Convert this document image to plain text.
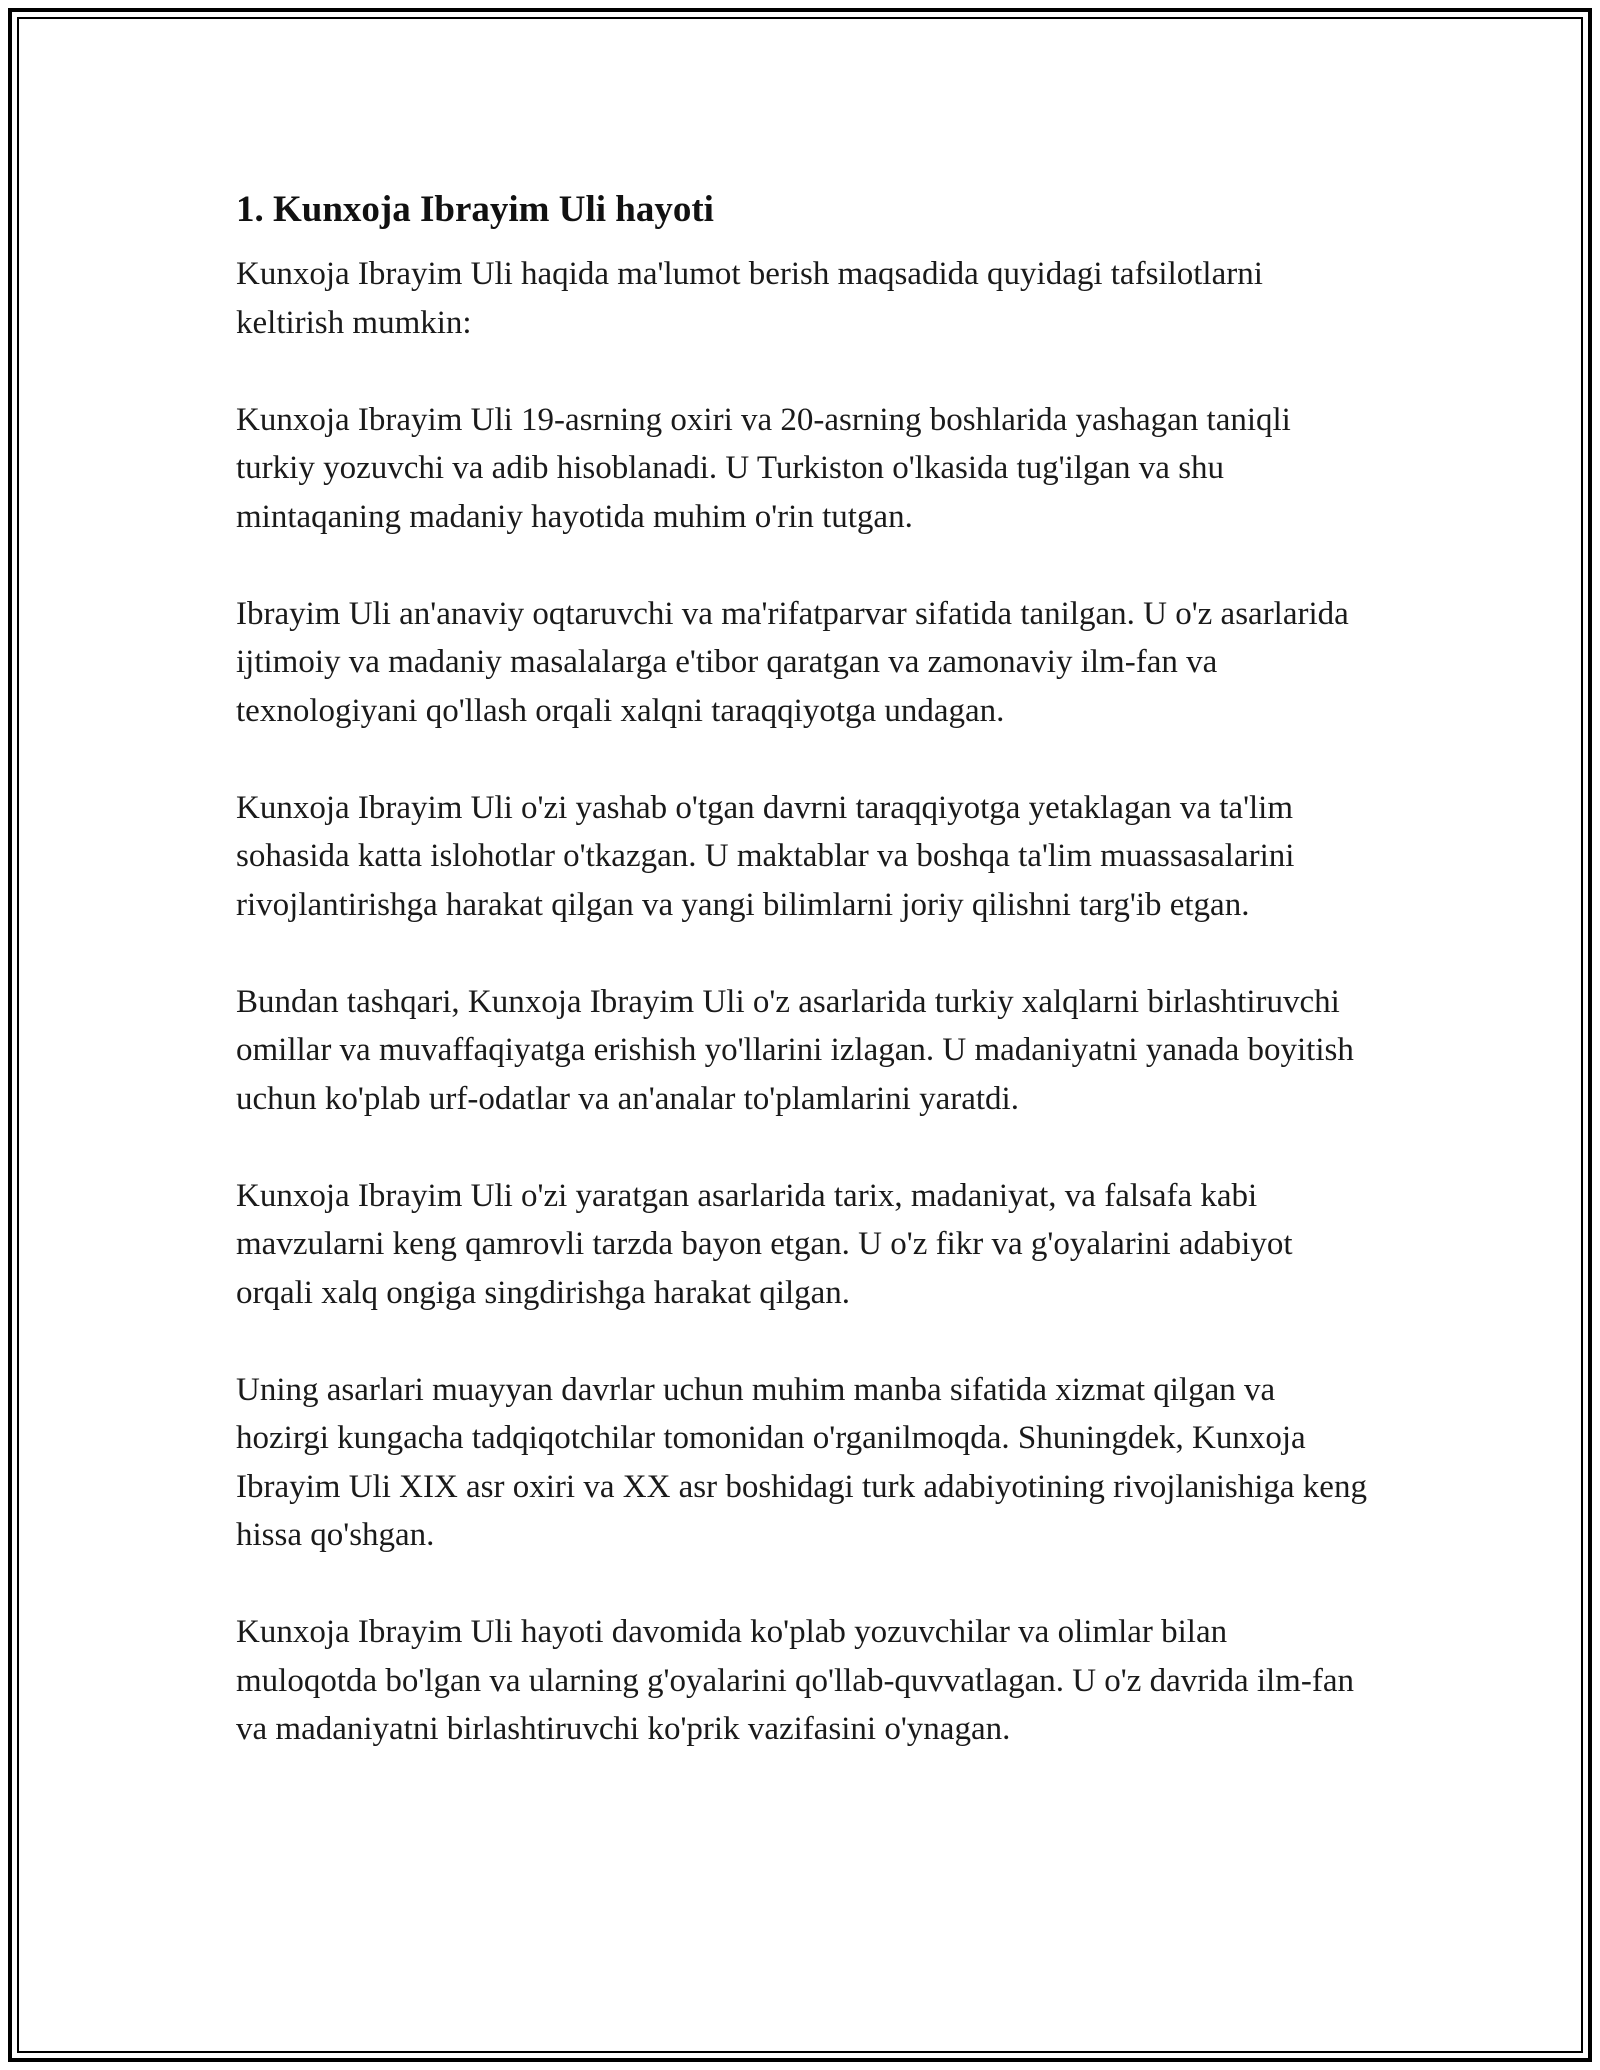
1. Kunxoja Ibrayim Uli hayoti

Kunxoja Ibrayim Uli haqida ma'lumot berish maqsadida quyidagi tafsilotlarni keltirish mumkin:

Kunxoja Ibrayim Uli 19-asrning oxiri va 20-asrning boshlarida yashagan taniqli turkiy yozuvchi va adib hisoblanadi. U Turkiston o'lkasida tug'ilgan va shu mintaqaning madaniy hayotida muhim o'rin tutgan.

Ibrayim Uli an'anaviy oqtaruvchi va ma'rifatparvar sifatida tanilgan. U o'z asarlarida ijtimoiy va madaniy masalalarga e'tibor qaratgan va zamonaviy ilm-fan va texnologiyani qo'llash orqali xalqni taraqqiyotga undagan.

Kunxoja Ibrayim Uli o'zi yashab o'tgan davrni taraqqiyotga yetaklagan va ta'lim sohasida katta islohotlar o'tkazgan. U maktablar va boshqa ta'lim muassasalarini rivojlantirishga harakat qilgan va yangi bilimlarni joriy qilishni targ'ib etgan.

Bundan tashqari, Kunxoja Ibrayim Uli o'z asarlarida turkiy xalqlarni birlashtiruvchi omillar va muvaffaqiyatga erishish yo'llarini izlagan. U madaniyatni yanada boyitish uchun ko'plab urf-odatlar va an'analar to'plamlarini yaratdi.

Kunxoja Ibrayim Uli o'zi yaratgan asarlarida tarix, madaniyat, va falsafa kabi mavzularni keng qamrovli tarzda bayon etgan. U o'z fikr va g'oyalarini adabiyot orqali xalq ongiga singdirishga harakat qilgan.

Uning asarlari muayyan davrlar uchun muhim manba sifatida xizmat qilgan va hozirgi kungacha tadqiqotchilar tomonidan o'rganilmoqda. Shuningdek, Kunxoja Ibrayim Uli XIX asr oxiri va XX asr boshidagi turk adabiyotining rivojlanishiga keng hissa qo'shgan.

Kunxoja Ibrayim Uli hayoti davomida ko'plab yozuvchilar va olimlar bilan muloqotda bo'lgan va ularning g'oyalarini qo'llab-quvvatlagan. U o'z davrida ilm-fan va madaniyatni birlashtiruvchi ko'prik vazifasini o'ynagan.
